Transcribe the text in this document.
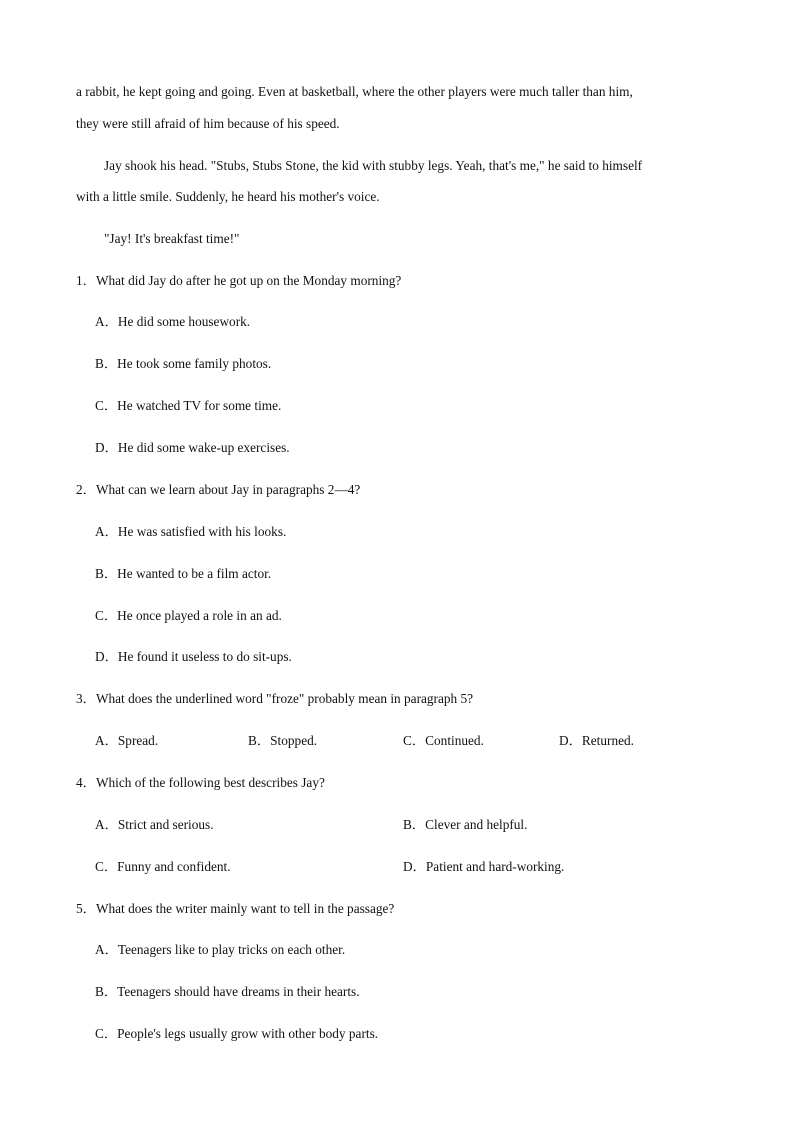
a rabbit, he kept going and going. Even at basketball, where the other players were much taller than him,
they were still afraid of him because of his speed.
Jay shook his head. "Stubs, Stubs Stone, the kid with stubby legs. Yeah, that's me," he said to himself
with a little smile. Suddenly, he heard his mother's voice.
"Jay! It's breakfast time!"
1．What did Jay do after he got up on the Monday morning?
A．He did some housework.
B．He took some family photos.
C．He watched TV for some time.
D．He did some wake-up exercises.
2．What can we learn about Jay in paragraphs 2—4?
A．He was satisfied with his looks.
B．He wanted to be a film actor.
C．He once played a role in an ad.
D．He found it useless to do sit-ups.
3．What does the underlined word "froze" probably mean in paragraph 5?
A．Spread.	B．Stopped.	C．Continued.	D．Returned.
4．Which of the following best describes Jay?
A．Strict and serious.	B．Clever and helpful.
C．Funny and confident.	D．Patient and hard-working.
5．What does the writer mainly want to tell in the passage?
A．Teenagers like to play tricks on each other.
B．Teenagers should have dreams in their hearts.
C．People's legs usually grow with other body parts.
